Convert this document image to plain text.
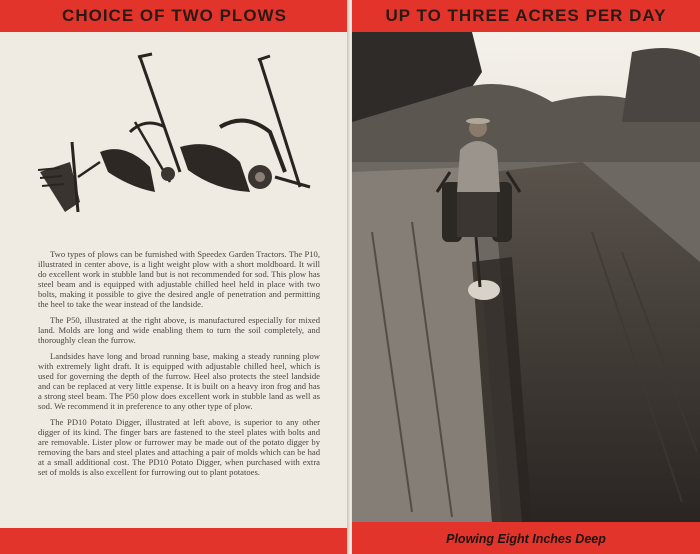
CHOICE OF TWO PLOWS

Two types of plows can be furnished with Speedex Garden Tractors. The P10, illustrated in center above, is a light weight plow with a short moldboard. It will do excellent work in stubble land but is not recommended for sod. This plow has steel beam and is equipped with adjustable chilled heel held in place with two bolts, making it possible to give the desired angle of penetration and permitting the heel to take the wear instead of the landside.

The P50, illustrated at the right above, is manufactured especially for mixed land. Molds are long and wide enabling them to turn the soil completely, and thoroughly clean the furrow.

Landsides have long and broad running base, making a steady running plow with extremely light draft. It is equipped with adjustable chilled heel, which is used for governing the depth of the furrow. Heel also protects the steel landside and can be replaced at very little expense. It is built on a heavy iron frog and has a strong steel beam. The P50 plow does excellent work in stubble land as well as sod. We recommend it in preference to any other type of plow.

The PD10 Potato Digger, illustrated at left above, is superior to any other digger of its kind. The finger bars are fastened to the steel plates with bolts and are removable. Lister plow or furrower may be made out of the potato digger by removing the bars and steel plates and attaching a pair of molds which can be had at a small additional cost. The PD10 Potato Digger, when purchased with extra set of molds is also excellent for furrowing out to plant potatoes.

UP TO THREE ACRES PER DAY
Plowing Eight Inches Deep
